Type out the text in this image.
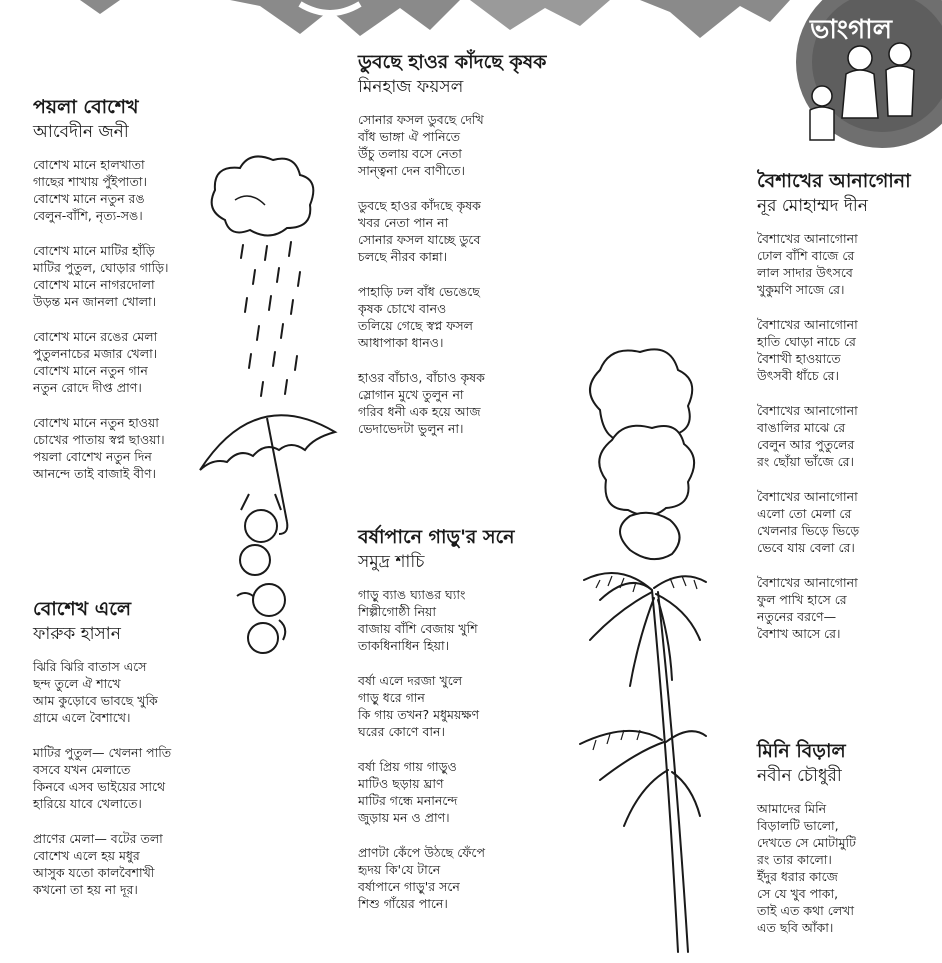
ভাংগাল
পয়লা বোশেখ
আবেদীন জনী
বোশেখ মানে হালখাতা
গাছের শাখায় পুঁইপাতা।
বোশেখ মানে নতুন রঙ
বেলুন-বাঁশি, নৃত্য-সঙ।
বোশেখ মানে মাটির হাঁড়ি
মাটির পুতুল, ঘোড়ার গাড়ি।
বোশেখ মানে নাগরদোলা
উড়ন্ত মন জানলা খোলা।
বোশেখ মানে রঙের মেলা
পুতুলনাচের মজার খেলা।
বোশেখ মানে নতুন গান
নতুন রোদে দীপ্ত প্রাণ।
বোশেখ মানে নতুন হাওয়া
চোখের পাতায় স্বপ্ন ছাওয়া।
পয়লা বোশেখ নতুন দিন
আনন্দে তাই বাজাই বীণ।
বোশেখ এলে
ফারুক হাসান
ঝিরি ঝিরি বাতাস এসে
ছন্দ তুলে ঐ শাখে
আম কুড়োবে ভাবছে খুকি
গ্রামে এলে বৈশাখে।
মাটির পুতুল— খেলনা পাতি
বসবে যখন মেলাতে
কিনবে এসব ভাইয়ের সাথে
হারিয়ে যাবে খেলাতে।
প্রাণের মেলা— বটের তলা
বোশেখ এলে হয় মধুর
আসুক যতো কালবৈশাখী
কখনো তা হয় না দূর।
ডুবছে হাওর কাঁদছে কৃষক
মিনহাজ ফয়সল
সোনার ফসল ডুবছে দেখি
বাঁধ ভাঙ্গা ঐ পানিতে
উঁচু তলায় বসে নেতা
সান্ত্বনা দেন বাণীতে।
ডুবছে হাওর কাঁদছে কৃষক
খবর নেতা পান না
সোনার ফসল যাচ্ছে ডুবে
চলছে নীরব কান্না।
পাহাড়ি ঢল বাঁধ ভেঙেছে
কৃষক চোখে বানও
তলিয়ে গেছে স্বপ্ন ফসল
আধাপাকা ধানও।
হাওর বাঁচাও, বাঁচাও কৃষক
স্লোগান মুখে তুলুন না
গরিব ধনী এক হয়ে আজ
ভেদাভেদটা ভুলুন না।
বর্ষাপানে গাড়ু'র সনে
সমুদ্র শাচি
গাড়ু ব্যাঙ ঘ্যাঙর ঘ্যাং
শিল্পীগোষ্ঠী নিয়া
বাজায় বাঁশি বেজায় খুশি
তাকধিনাধিন হিয়া।
বর্ষা এলে দরজা খুলে
গাড়ু ধরে গান
কি গায় তখন? মধুময়ক্ষণ
ঘরের কোণে বান।
বর্ষা প্রিয় গায় গাড়ুও
মাটিও ছড়ায় ঘ্রাণ
মাটির গন্ধে মনানন্দে
জুড়ায় মন ও প্রাণ।
প্রাণটা কেঁপে উঠছে ফেঁপে
হৃদয় কি'যে টানে
বর্ষাপানে গাড়ু'র সনে
শিশু গাঁয়ের পানে।
বৈশাখের আনাগোনা
নূর মোহাম্মদ দীন
বৈশাখের আনাগোনা
ঢোল বাঁশি বাজে রে
লাল সাদার উৎসবে
খুকুমণি সাজে রে।
বৈশাখের আনাগোনা
হাতি ঘোড়া নাচে রে
বৈশাখী হাওয়াতে
উৎসবী ধাঁচে রে।
বৈশাখের আনাগোনা
বাঙালির মাঝে রে
বেলুন আর পুতুলের
রং ছোঁয়া ভাঁজে রে।
বৈশাখের আনাগোনা
এলো তো মেলা রে
খেলনার ভিড়ে ভিড়ে
ভেবে যায় বেলা রে।
বৈশাখের আনাগোনা
ফুল পাখি হাসে রে
নতুনের বরণে—
বৈশাখ আসে রে।
মিনি বিড়াল
নবীন চৌধুরী
আমাদের মিনি
বিড়ালটি ভালো,
দেখতে সে মোটামুটি
রং তার কালো।
ইঁদুর ধরার কাজে
সে যে খুব পাকা,
তাই এত কথা লেখা
এত ছবি আঁকা।
